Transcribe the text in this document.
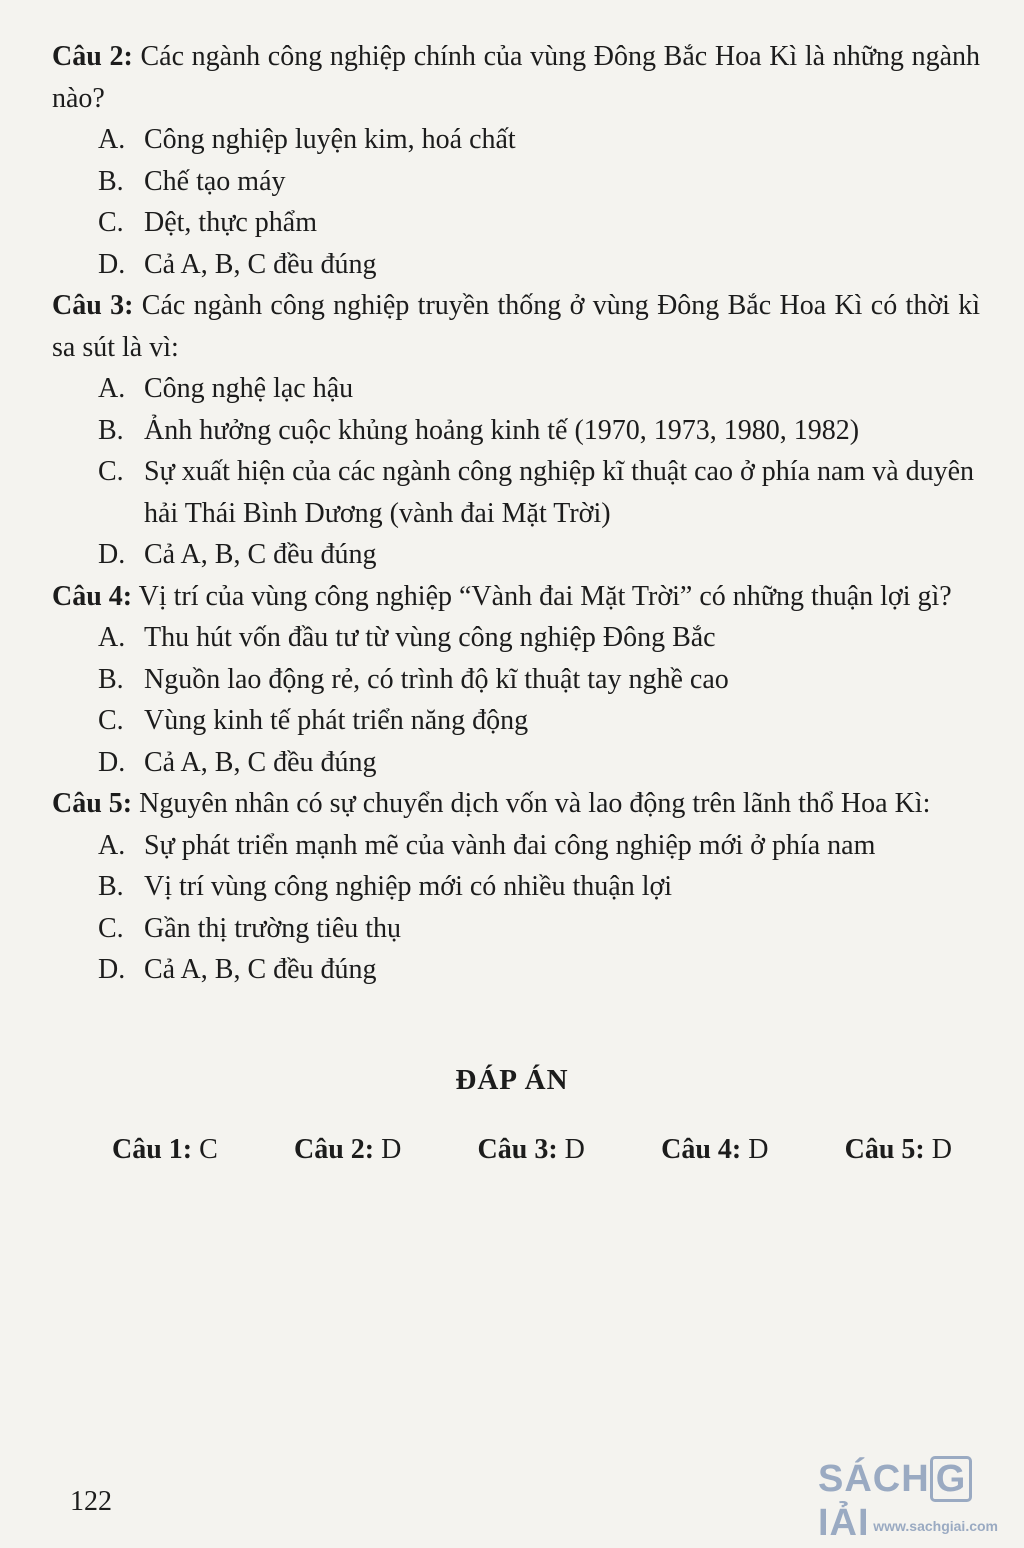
Câu 2: Các ngành công nghiệp chính của vùng Đông Bắc Hoa Kì là những ngành nào?

A. Công nghiệp luyện kim, hoá chất
B. Chế tạo máy
C. Dệt, thực phẩm
D. Cả A, B, C đều đúng

Câu 3: Các ngành công nghiệp truyền thống ở vùng Đông Bắc Hoa Kì có thời kì sa sút là vì:

A. Công nghệ lạc hậu
B. Ảnh hưởng cuộc khủng hoảng kinh tế (1970, 1973, 1980, 1982)
C. Sự xuất hiện của các ngành công nghiệp kĩ thuật cao ở phía nam và duyên hải Thái Bình Dương (vành đai Mặt Trời)
D. Cả A, B, C đều đúng

Câu 4: Vị trí của vùng công nghiệp “Vành đai Mặt Trời” có những thuận lợi gì?

A. Thu hút vốn đầu tư từ vùng công nghiệp Đông Bắc
B. Nguồn lao động rẻ, có trình độ kĩ thuật tay nghề cao
C. Vùng kinh tế phát triển năng động
D. Cả A, B, C đều đúng

Câu 5: Nguyên nhân có sự chuyển dịch vốn và lao động trên lãnh thổ Hoa Kì:

A. Sự phát triển mạnh mẽ của vành đai công nghiệp mới ở phía nam
B. Vị trí vùng công nghiệp mới có nhiều thuận lợi
C. Gần thị trường tiêu thụ
D. Cả A, B, C đều đúng
ĐÁP ÁN
Câu 1: C	Câu 2: D	Câu 3: D	Câu 4: D	Câu 5: D
122
SÁCH GIẢI www.sachgiai.com
